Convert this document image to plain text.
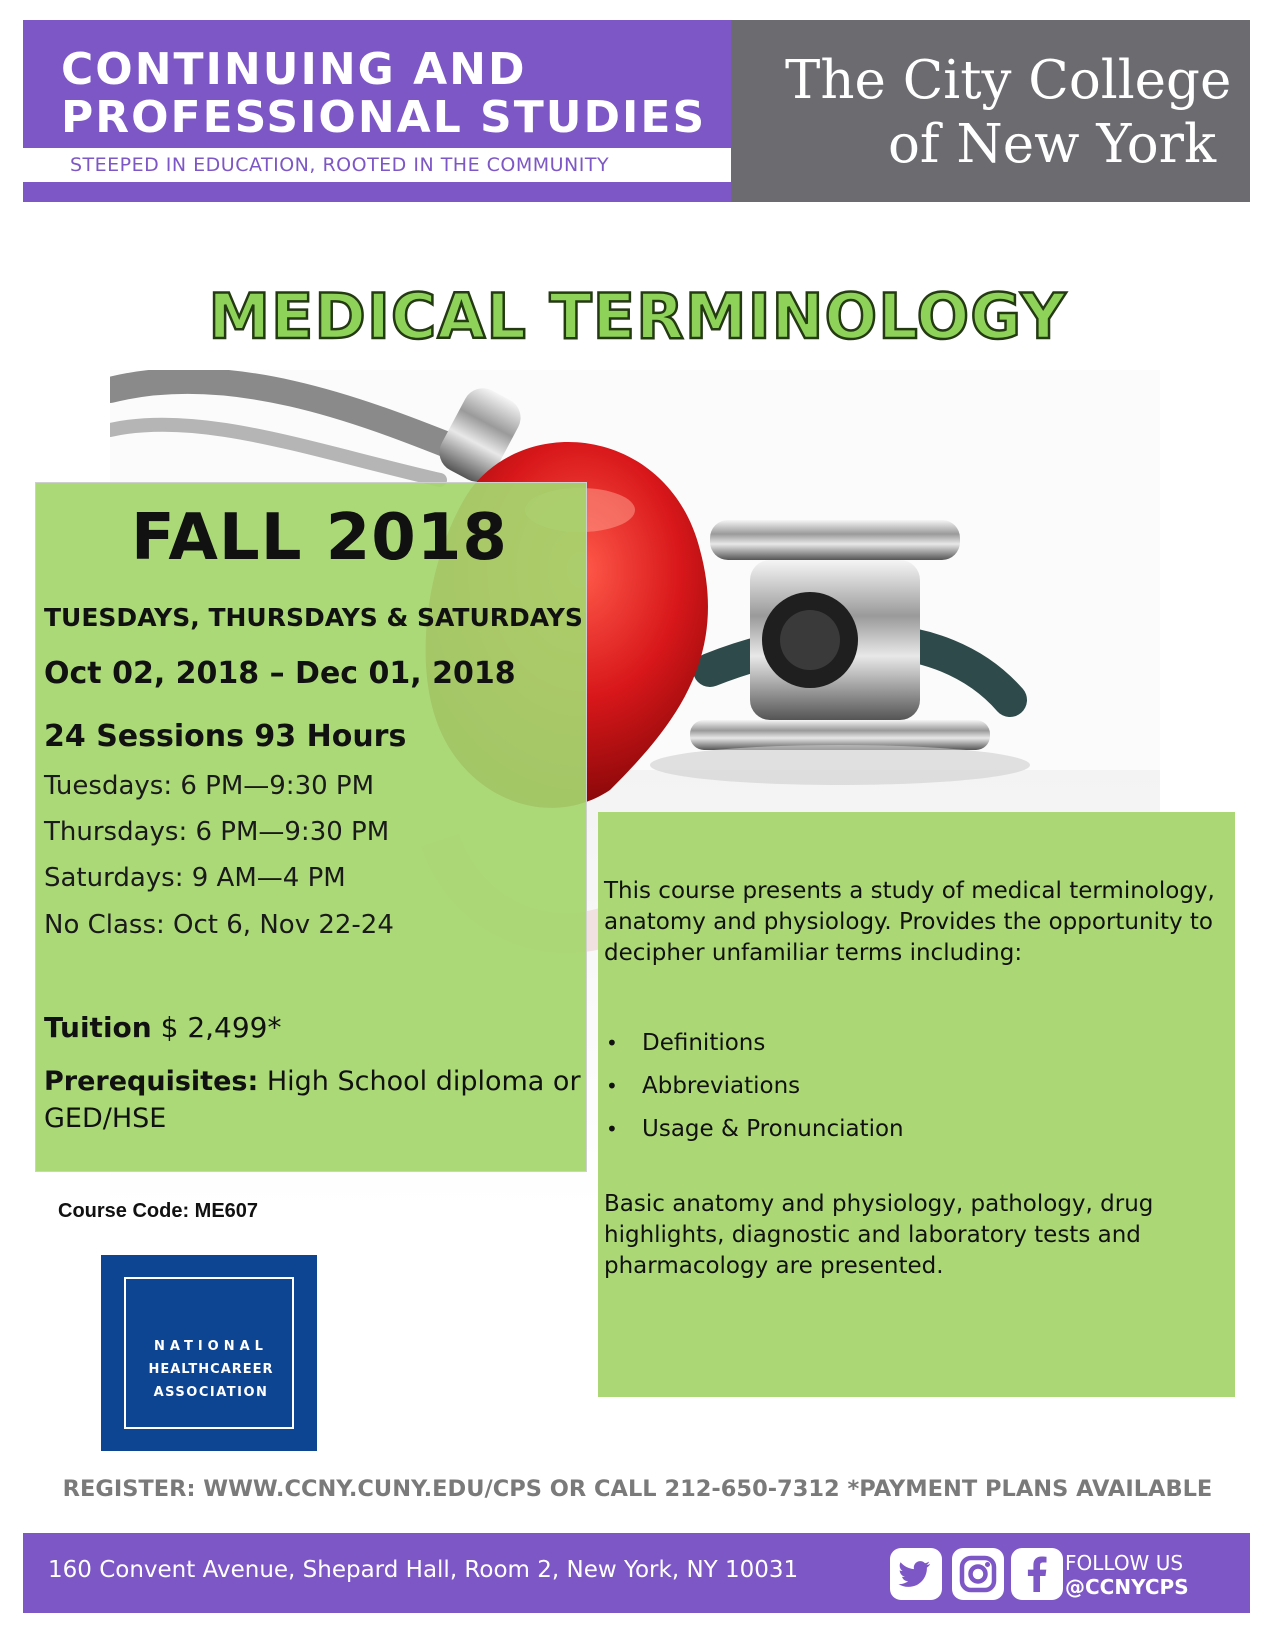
CONTINUING AND
PROFESSIONAL STUDIES
STEEPED IN EDUCATION, ROOTED IN THE COMMUNITY
The City College
of New York
MEDICAL TERMINOLOGY
FALL 2018
TUESDAYS, THURSDAYS & SATURDAYS
Oct 02, 2018 – Dec 01, 2018
24 Sessions 93 Hours
Tuesdays: 6 PM—9:30 PM
Thursdays: 6 PM—9:30 PM
Saturdays: 9 AM—4 PM
No Class: Oct 6, Nov 22-24
Tuition $ 2,499*
Prerequisites: High School diploma or GED/HSE
This course presents a study of medical terminology, anatomy and physiology. Provides the opportunity to decipher unfamiliar terms including:
• Definitions
• Abbreviations
• Usage & Pronunciation
Basic anatomy and physiology, pathology, drug highlights, diagnostic and laboratory tests and pharmacology are presented.
Course Code: ME607
NATIONAL
HEALTHCAREER
ASSOCIATION
REGISTER: WWW.CCNY.CUNY.EDU/CPS OR CALL 212-650-7312 *PAYMENT PLANS AVAILABLE
160 Convent Avenue, Shepard Hall, Room 2, New York, NY 10031	FOLLOW US
@CCNYCPS
